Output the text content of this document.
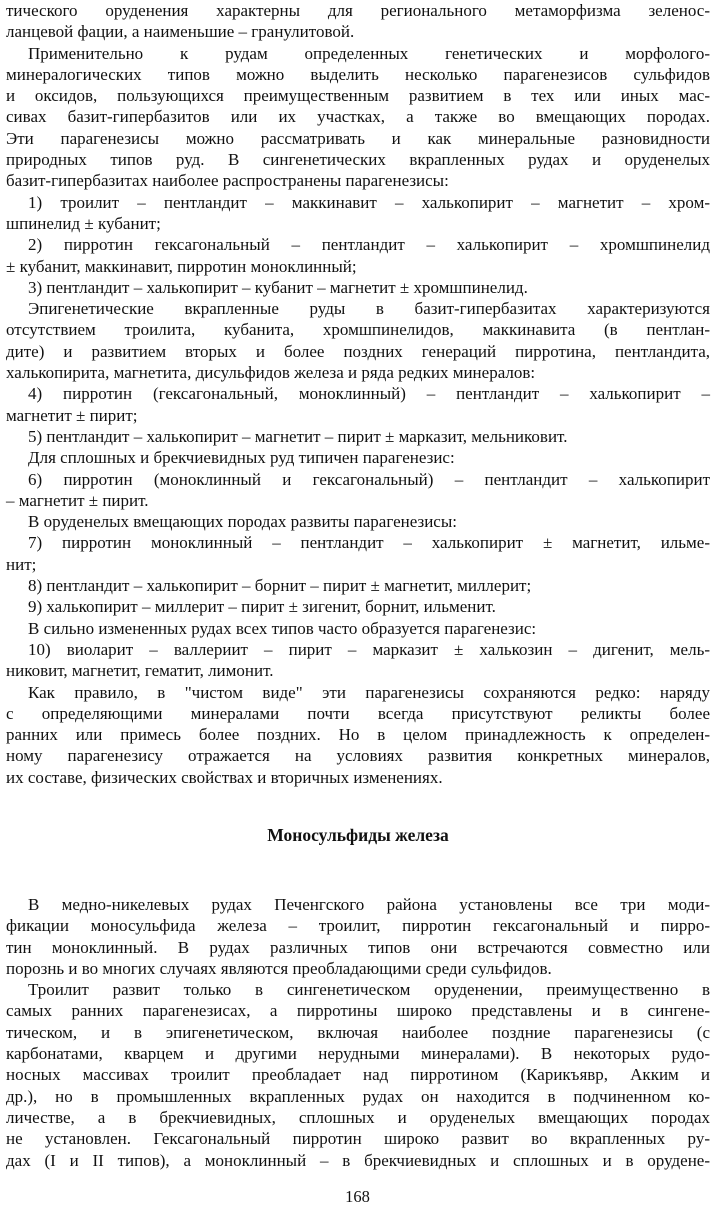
тического оруденения характерны для регионального метаморфизма зеленос-
ланцевой фации, а наименьшие – гранулитовой.
Применительно к рудам определенных генетических и морфолого-
минералогических типов можно выделить несколько парагенезисов сульфидов
и оксидов, пользующихся преимущественным развитием в тех или иных мас-
сивах базит-гипербазитов или их участках, а также во вмещающих породах.
Эти парагенезисы можно рассматривать и как минеральные разновидности
природных типов руд. В сингенетических вкрапленных рудах и оруденелых
базит-гипербазитах наиболее распространены парагенезисы:
1) троилит – пентландит – маккинавит – халькопирит – магнетит – хром-
шпинелид ± кубанит;
2) пирротин гексагональный – пентландит – халькопирит – хромшпинелид
± кубанит, маккинавит, пирротин моноклинный;
3) пентландит – халькопирит – кубанит – магнетит ± хромшпинелид.
Эпигенетические вкрапленные руды в базит-гипербазитах характеризуются
отсутствием троилита, кубанита, хромшпинелидов, маккинавита (в пентлан-
дите) и развитием вторых и более поздних генераций пирротина, пентландита,
халькопирита, магнетита, дисульфидов железа и ряда редких минералов:
4) пирротин (гексагональный, моноклинный) – пентландит – халькопирит –
магнетит ± пирит;
5) пентландит – халькопирит – магнетит – пирит ± марказит, мельниковит.
Для сплошных и брекчиевидных руд типичен парагенезис:
6) пирротин (моноклинный и гексагональный) – пентландит – халькопирит
– магнетит ± пирит.
В оруденелых вмещающих породах развиты парагенезисы:
7) пирротин моноклинный – пентландит – халькопирит ± магнетит, ильме-
нит;
8) пентландит – халькопирит – борнит – пирит ± магнетит, миллерит;
9) халькопирит – миллерит – пирит ± зигенит, борнит, ильменит.
В сильно измененных рудах всех типов часто образуется парагенезис:
10) виоларит – валлериит – пирит – марказит ± халькозин – дигенит, мель-
никовит, магнетит, гематит, лимонит.
Как правило, в "чистом виде" эти парагенезисы сохраняются редко: наряду
с определяющими минералами почти всегда присутствуют реликты более
ранних или примесь более поздних. Но в целом принадлежность к определен-
ному парагенезису отражается на условиях развития конкретных минералов,
их составе, физических свойствах и вторичных изменениях.
Моносульфиды железа
В медно-никелевых рудах Печенгского района установлены все три моди-
фикации моносульфида железа – троилит, пирротин гексагональный и пирро-
тин моноклинный. В рудах различных типов они встречаются совместно или
порознь и во многих случаях являются преобладающими среди сульфидов.
Троилит развит только в сингенетическом оруденении, преимущественно в
самых ранних парагенезисах, а пирротины широко представлены и в сингене-
тическом, и в эпигенетическом, включая наиболее поздние парагенезисы (с
карбонатами, кварцем и другими нерудными минералами). В некоторых рудо-
носных массивах троилит преобладает над пирротином (Карикъявр, Акким и
др.), но в промышленных вкрапленных рудах он находится в подчиненном ко-
личестве, а в брекчиевидных, сплошных и оруденелых вмещающих породах
не установлен. Гексагональный пирротин широко развит во вкрапленных ру-
дах (I и II типов), а моноклинный – в брекчиевидных и сплошных и в орудене-
168
